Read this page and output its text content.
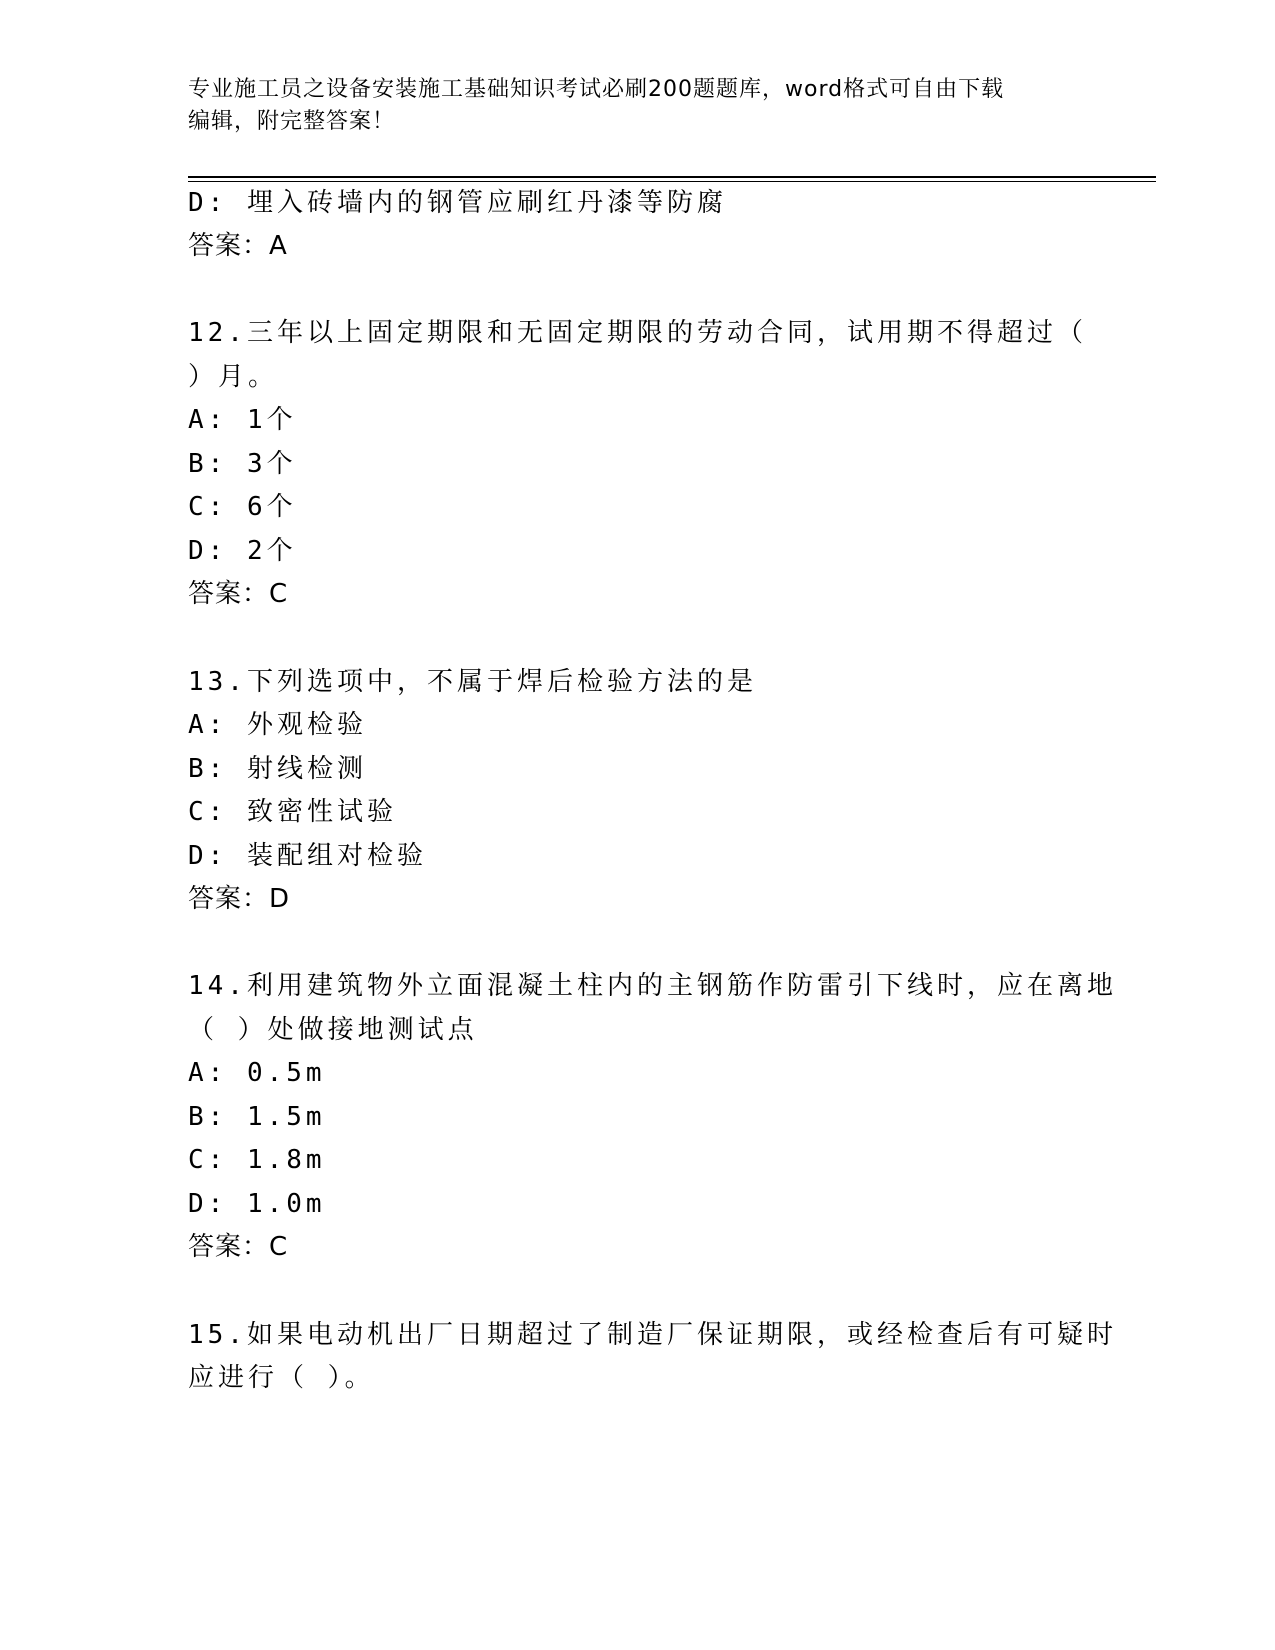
专业施工员之设备安装施工基础知识考试必刷200题题库，word格式可自由下载
编辑，附完整答案！
D: 埋入砖墙内的钢管应刷红丹漆等防腐
答案：A
12.三年以上固定期限和无固定期限的劳动合同，试用期不得超过（
）月。
A: 1个
B: 3个
C: 6个
D: 2个
答案：C
13.下列选项中，不属于焊后检验方法的是
A: 外观检验
B: 射线检测
C: 致密性试验
D: 装配组对检验
答案：D
14.利用建筑物外立面混凝土柱内的主钢筋作防雷引下线时，应在离地
（ ）处做接地测试点
A: 0.5m
B: 1.5m
C: 1.8m
D: 1.0m
答案：C
15.如果电动机出厂日期超过了制造厂保证期限，或经检查后有可疑时
应进行（ ）。
